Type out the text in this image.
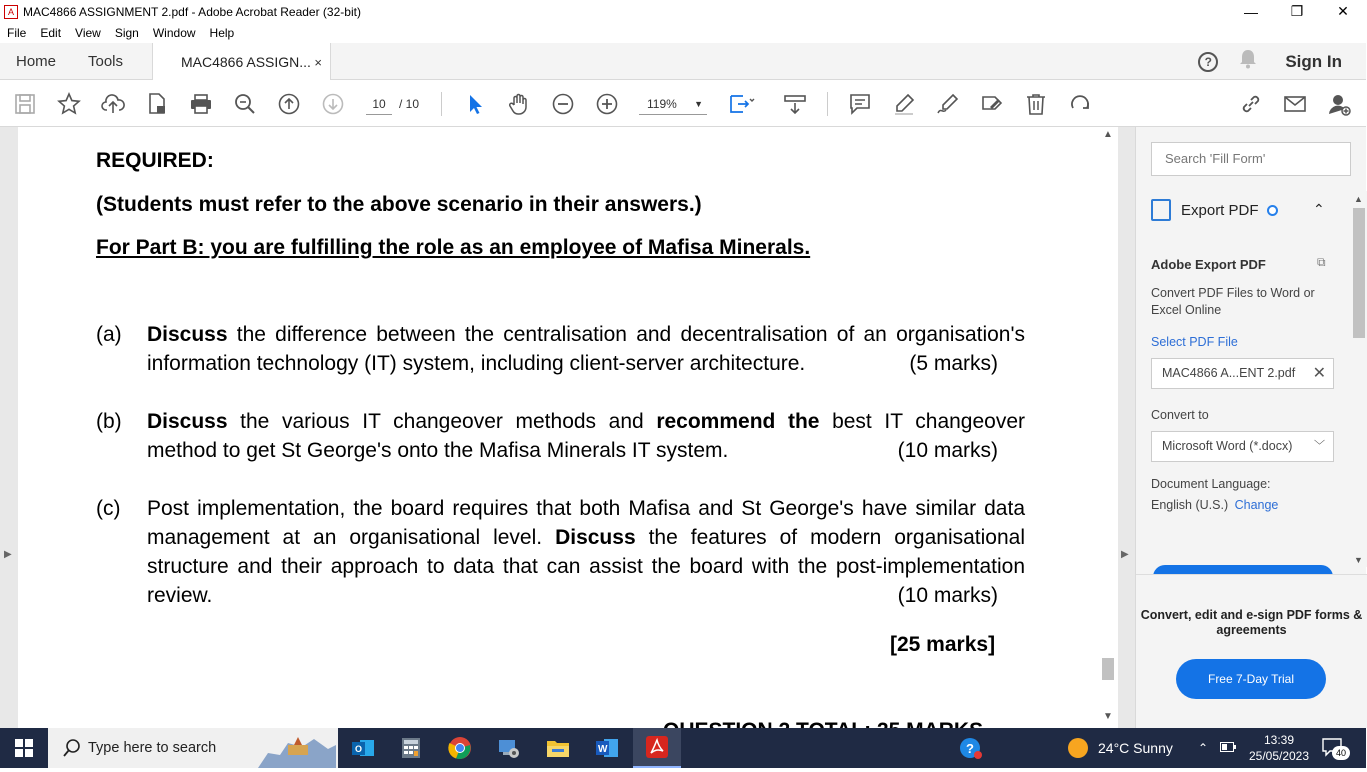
A MAC4866 ASSIGNMENT 2.pdf - Adobe Acrobat Reader (32-bit)	—	❐	✕
File	Edit	View	Sign	Window	Help
Home Tools	MAC4866 ASSIGN... ×	?	Sign In
10	/ 10	119% ▼
▶
REQUIRED:
(Students must refer to the above scenario in their answers.)
For Part B: you are fulfilling the role as an employee of Mafisa Minerals.
(a) Discuss the difference between the centralisation and decentralisation of an organisation's information technology (IT) system, including client-server architecture.	(5 marks)
(b) Discuss the various IT changeover methods and recommend the best IT changeover method to get St George's onto the Mafisa Minerals IT system.	(10 marks)
(c) Post implementation, the board requires that both Mafisa and St George's have similar data management at an organisational level. Discuss the features of modern organisational structure and their approach to data that can assist the board with the post-implementation review.	(10 marks)
[25 marks]
▲
▼
▶
Search 'Fill Form'
Export PDF	⌃
▲
▼
Adobe Export PDF	⧉
Convert PDF Files to Word or Excel Online
Select PDF File
MAC4866 A...ENT 2.pdf ✕
Convert to
Microsoft Word (*.docx) ﹀
Document Language:
English (U.S.) Change
Convert, edit and e-sign PDF forms & agreements
Free 7-Day Trial
Type here to search	O	W	?	24°C Sunny ⌃
13:39
25/05/2023	40
